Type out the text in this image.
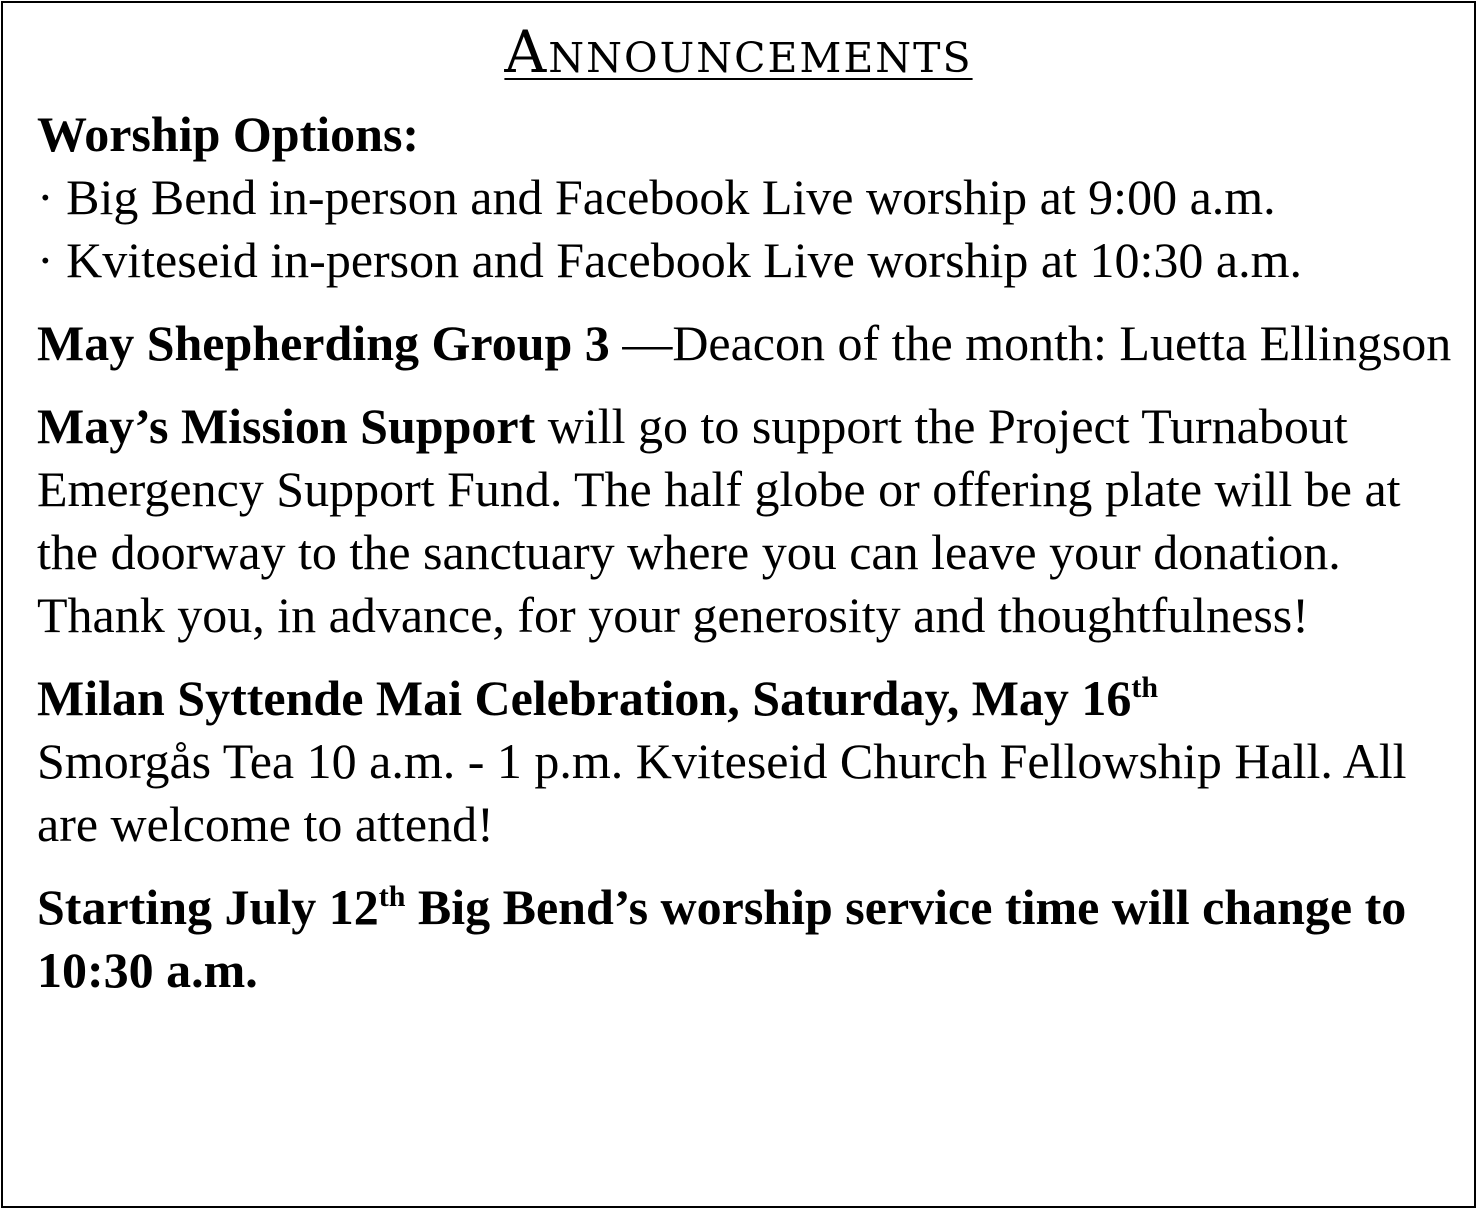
Announcements
Worship Options:
· Big Bend in-person and Facebook Live worship at 9:00 a.m.
· Kviteseid in-person and Facebook Live worship at 10:30 a.m.
May Shepherding Group 3 —Deacon of the month: Luetta Ellingson
May’s Mission Support will go to support the Project Turnabout Emergency Support Fund. The half globe or offering plate will be at the doorway to the sanctuary where you can leave your donation. Thank you, in advance, for your generosity and thoughtfulness!
Milan Syttende Mai Celebration, Saturday, May 16th
Smorgås Tea 10 a.m. - 1 p.m. Kviteseid Church Fellowship Hall. All are welcome to attend!
Starting July 12th Big Bend’s worship service time will change to 10:30 a.m.
